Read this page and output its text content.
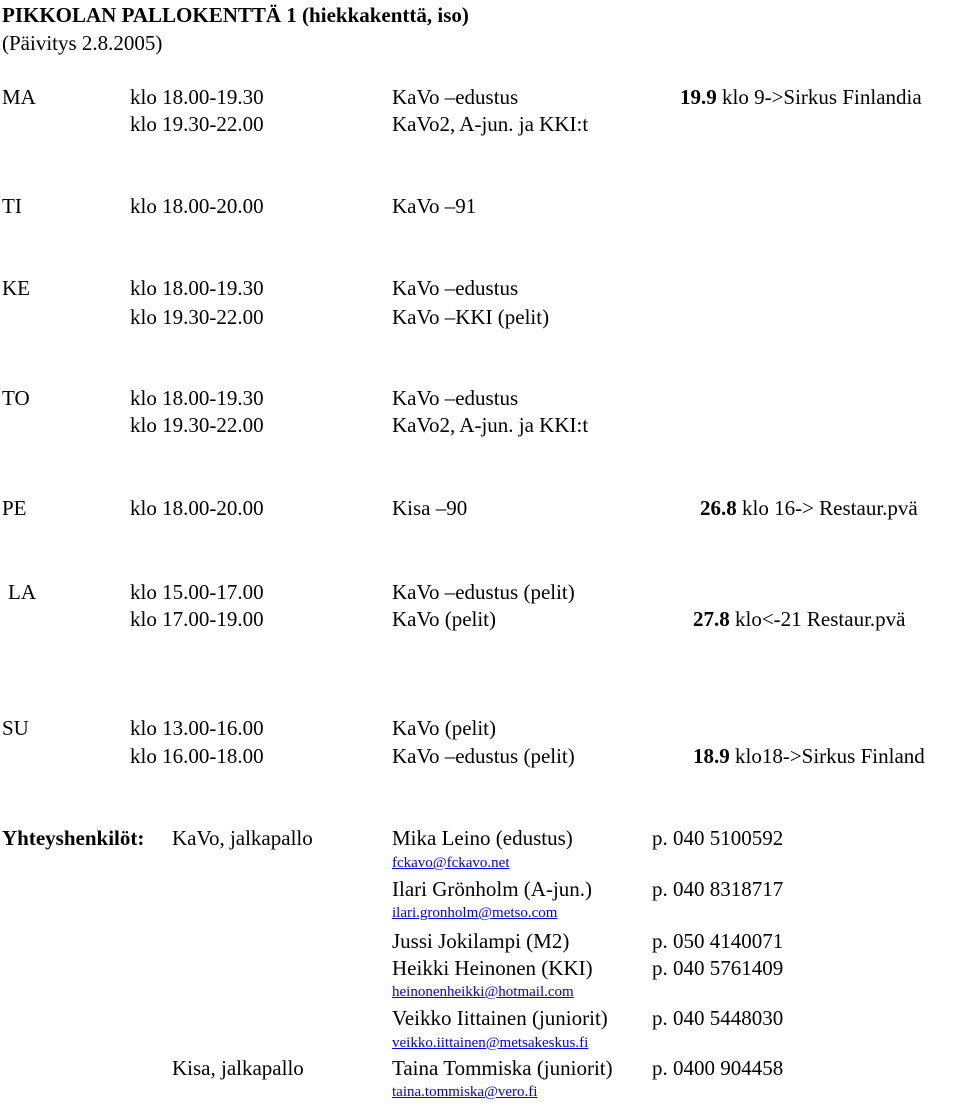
PIKKOLAN PALLOKENTTÄ 1 (hiekkakenttä, iso)
(Päivitys 2.8.2005)
MA	klo 18.00-19.30	KaVo –edustus	19.9 klo 9->Sirkus Finlandia
klo 19.30-22.00	KaVo2, A-jun. ja KKI:t
TI	klo 18.00-20.00	KaVo –91
KE	klo 18.00-19.30	KaVo –edustus
klo 19.30-22.00	KaVo –KKI (pelit)
TO	klo 18.00-19.30	KaVo –edustus
klo 19.30-22.00	KaVo2, A-jun. ja KKI:t
PE	klo 18.00-20.00	Kisa –90	26.8 klo 16-> Restaur.pvä
LA	klo 15.00-17.00	KaVo –edustus (pelit)
klo 17.00-19.00	KaVo (pelit)	27.8 klo<-21 Restaur.pvä
SU	klo 13.00-16.00	KaVo (pelit)
klo 16.00-18.00	KaVo –edustus (pelit)	18.9 klo18->Sirkus Finland
Yhteyshenkilöt: KaVo, jalkapallo	Mika Leino (edustus)	p. 040 5100592
fckavo@fckavo.net
Ilari Grönholm (A-jun.)	p. 040 8318717
ilari.gronholm@metso.com
Jussi Jokilampi (M2)	p. 050 4140071
Heikki Heinonen (KKI)	p. 040 5761409
heinonenheikki@hotmail.com
Veikko Iittainen (juniorit) p. 040 5448030
veikko.iittainen@metsakeskus.fi
Kisa, jalkapallo	Taina Tommiska (juniorit) p. 0400 904458
taina.tommiska@vero.fi
